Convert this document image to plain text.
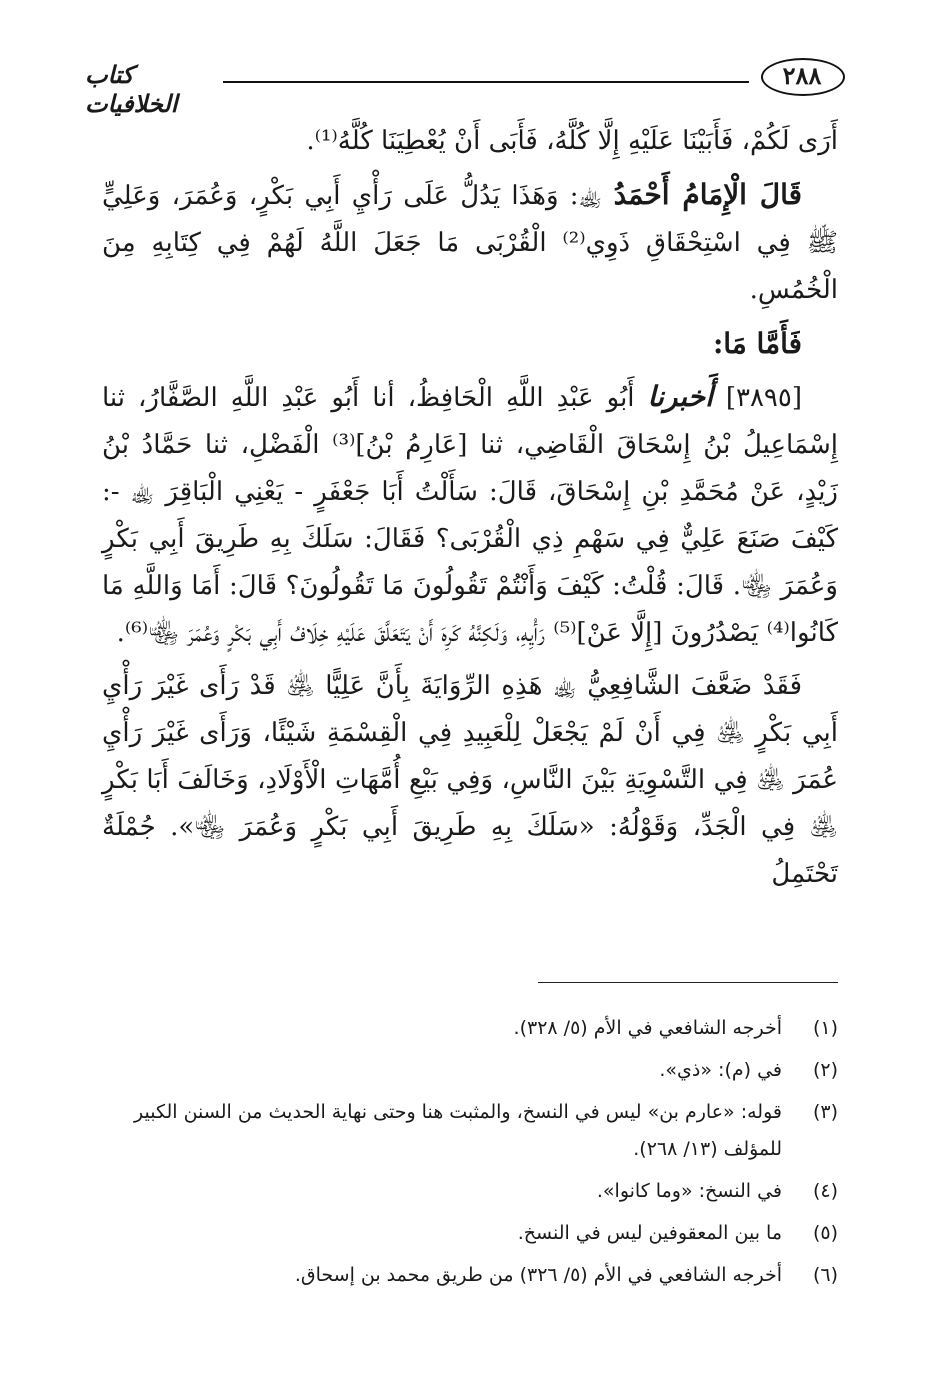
٢٨٨
كتاب الخلافيات

أَرَى لَكُمْ، فَأَبَيْنَا عَلَيْهِ إِلَّا كُلَّهُ، فَأَبَى أَنْ يُعْطِيَنَا كُلَّهُ⁽¹⁾.

قَالَ الْإِمَامُ أَحْمَدُ ﵀: وَهَذَا يَدُلُّ عَلَى رَأْيِ أَبِي بَكْرٍ، وَعُمَرَ، وَعَلِيٍّ ﷺ فِي اسْتِحْقَاقِ ذَوِي⁽²⁾ الْقُرْبَى مَا جَعَلَ اللَّهُ لَهُمْ فِي كِتَابِهِ مِنَ الْخُمُسِ.

فَأَمَّا مَا:

[٣٨٩٥] أَخبرنا أَبُو عَبْدِ اللَّهِ الْحَافِظُ، أنا أَبُو عَبْدِ اللَّهِ الصَّفَّارُ، ثنا إِسْمَاعِيلُ بْنُ إِسْحَاقَ الْقَاضِي، ثنا [عَارِمُ بْنُ]⁽³⁾ الْفَضْلِ، ثنا حَمَّادُ بْنُ زَيْدٍ، عَنْ مُحَمَّدِ بْنِ إِسْحَاقَ، قَالَ: سَأَلْتُ أَبَا جَعْفَرٍ - يَعْنِي الْبَاقِرَ ﵀ -: كَيْفَ صَنَعَ عَلِيٌّ فِي سَهْمِ ذِي الْقُرْبَى؟ فَقَالَ: سَلَكَ بِهِ طَرِيقَ أَبِي بَكْرٍ وَعُمَرَ ﵄. قَالَ: قُلْتُ: كَيْفَ وَأَنْتُمْ تَقُولُونَ مَا تَقُولُونَ؟ قَالَ: أَمَا وَاللَّهِ مَا كَانُوا⁽⁴⁾ يَصْدُرُونَ [إِلَّا عَنْ]⁽⁵⁾ رَأْيِهِ، وَلَكِنَّهُ كَرِهَ أَنْ يَتَعَلَّقَ عَلَيْهِ خِلَافُ أَبِي بَكْرٍ وَعُمَرَ ﵄⁽⁶⁾.

فَقَدْ ضَعَّفَ الشَّافِعِيُّ ﵀ هَذِهِ الرِّوَايَةَ بِأَنَّ عَلِيًّا ﵁ قَدْ رَأَى غَيْرَ رَأْيِ أَبِي بَكْرٍ ﵁ فِي أَنْ لَمْ يَجْعَلْ لِلْعَبِيدِ فِي الْقِسْمَةِ شَيْئًا، وَرَأَى غَيْرَ رَأْيِ عُمَرَ ﵁ فِي التَّسْوِيَةِ بَيْنَ النَّاسِ، وَفِي بَيْعِ أُمَّهَاتِ الْأَوْلَادِ، وَخَالَفَ أَبَا بَكْرٍ ﵁ فِي الْجَدِّ، وَقَوْلُهُ: «سَلَكَ بِهِ طَرِيقَ أَبِي بَكْرٍ وَعُمَرَ ﵄». جُمْلَةٌ تَحْتَمِلُ

(١)
أخرجه الشافعي في الأم (٥/ ٣٢٨).
(٢)
في (م): «ذي».
(٣)
قوله: «عارم بن» ليس في النسخ، والمثبت هنا وحتى نهاية الحديث من السنن الكبير للمؤلف (١٣/ ٢٦٨).
(٤)
في النسخ: «وما كانوا».
(٥)
ما بين المعقوفين ليس في النسخ.
(٦)
أخرجه الشافعي في الأم (٥/ ٣٢٦) من طريق محمد بن إسحاق.
